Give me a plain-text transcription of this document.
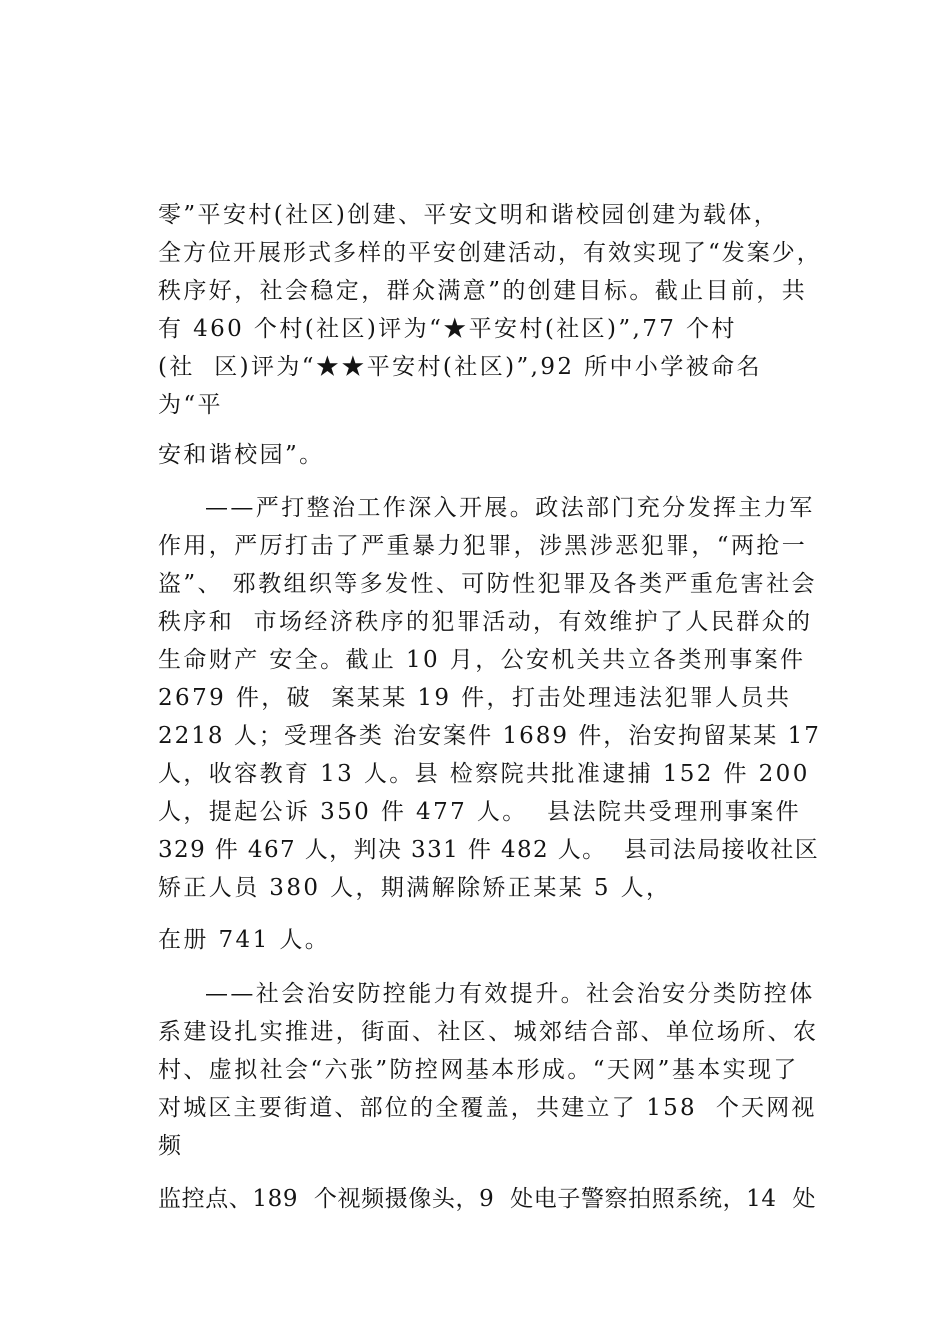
零”平安村(社区)创建、平安文明和谐校园创建为载体，
全方位开展形式多样的平安创建活动，有效实现了“发案少，
秩序好，社会稳定，群众满意”的创建目标。截止目前，共
有 460 个村(社区)评为“★平安村(社区)”,77 个村
(社  区)评为“★★平安村(社区)”,92 所中小学被命名
为“平
安和谐校园”。
——严打整治工作深入开展。政法部门充分发挥主力军
作用，严厉打击了严重暴力犯罪，涉黑涉恶犯罪，“两抢一
盗”、 邪教组织等多发性、可防性犯罪及各类严重危害社会
秩序和  市场经济秩序的犯罪活动，有效维护了人民群众的
生命财产 安全。截止 10 月，公安机关共立各类刑事案件
2679 件，破  案某某 19 件，打击处理违法犯罪人员共
2218 人；受理各类 治安案件 1689 件，治安拘留某某 17
人，收容教育 13 人。县 检察院共批准逮捕 152 件 200
人，提起公诉 350 件 477 人。  县法院共受理刑事案件
329 件 467 人，判决 331 件 482 人。  县司法局接收社区
矫正人员 380 人，期满解除矫正某某 5 人，
在册 741 人。
——社会治安防控能力有效提升。社会治安分类防控体
系建设扎实推进，街面、社区、城郊结合部、单位场所、农
村、虚拟社会“六张”防控网基本形成。“天网”基本实现了
对城区主要街道、部位的全覆盖，共建立了 158  个天网视
频
监控点、189  个视频摄像头，9  处电子警察拍照系统，14  处
